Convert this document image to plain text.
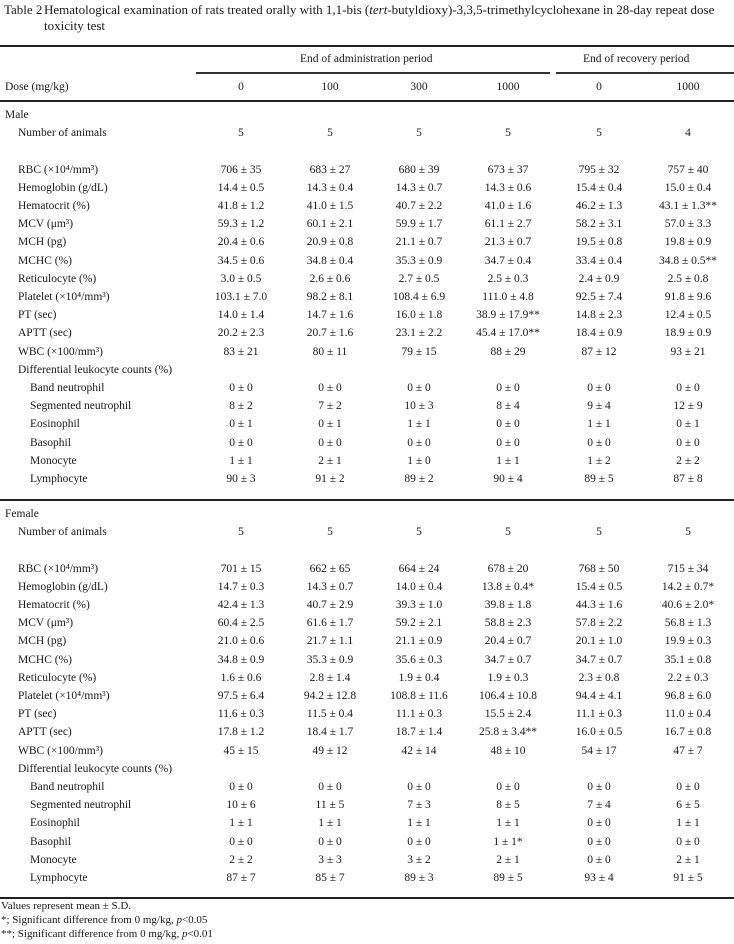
Table 2 Hematological examination of rats treated orally with 1,1-bis (tert-butyldioxy)-3,3,5-trimethylcyclohexane in 28-day repeat dose toxicity test
End of administration period	End of recovery period
Dose (mg/kg)	0	100	300	1000	0	1000
Male
Number of animals	5	5	5	5	5	4
RBC (×10⁴/mm³)	706 ± 35	683 ± 27	680 ± 39	673 ± 37	795 ± 32	757 ± 40
Hemoglobin (g/dL)	14.4 ± 0.5	14.3 ± 0.4	14.3 ± 0.7	14.3 ± 0.6	15.4 ± 0.4	15.0 ± 0.4
Hematocrit (%)	41.8 ± 1.2	41.0 ± 1.5	40.7 ± 2.2	41.0 ± 1.6	46.2 ± 1.3	43.1 ± 1.3**
MCV (μm³)	59.3 ± 1.2	60.1 ± 2.1	59.9 ± 1.7	61.1 ± 2.7	58.2 ± 3.1	57.0 ± 3.3
MCH (pg)	20.4 ± 0.6	20.9 ± 0.8	21.1 ± 0.7	21.3 ± 0.7	19.5 ± 0.8	19.8 ± 0.9
MCHC (%)	34.5 ± 0.6	34.8 ± 0.4	35.3 ± 0.9	34.7 ± 0.4	33.4 ± 0.4	34.8 ± 0.5**
Reticulocyte (%)	3.0 ± 0.5	2.6 ± 0.6	2.7 ± 0.5	2.5 ± 0.3	2.4 ± 0.9	2.5 ± 0.8
Platelet (×10⁴/mm³)	103.1 ± 7.0	98.2 ± 8.1	108.4 ± 6.9	111.0 ± 4.8	92.5 ± 7.4	91.8 ± 9.6
PT (sec)	14.0 ± 1.4	14.7 ± 1.6	16.0 ± 1.8	38.9 ± 17.9**	14.8 ± 2.3	12.4 ± 0.5
APTT (sec)	20.2 ± 2.3	20.7 ± 1.6	23.1 ± 2.2	45.4 ± 17.0**	18.4 ± 0.9	18.9 ± 0.9
WBC (×100/mm³)	83 ± 21	80 ± 11	79 ± 15	88 ± 29	87 ± 12	93 ± 21
Differential leukocyte counts (%)
Band neutrophil	0 ± 0	0 ± 0	0 ± 0	0 ± 0	0 ± 0	0 ± 0
Segmented neutrophil	8 ± 2	7 ± 2	10 ± 3	8 ± 4	9 ± 4	12 ± 9
Eosinophil	0 ± 1	0 ± 1	1 ± 1	0 ± 0	1 ± 1	0 ± 1
Basophil	0 ± 0	0 ± 0	0 ± 0	0 ± 0	0 ± 0	0 ± 0
Monocyte	1 ± 1	2 ± 1	1 ± 0	1 ± 1	1 ± 2	2 ± 2
Lymphocyte	90 ± 3	91 ± 2	89 ± 2	90 ± 4	89 ± 5	87 ± 8
Female
Number of animals	5	5	5	5	5	5
RBC (×10⁴/mm³)	701 ± 15	662 ± 65	664 ± 24	678 ± 20	768 ± 50	715 ± 34
Hemoglobin (g/dL)	14.7 ± 0.3	14.3 ± 0.7	14.0 ± 0.4	13.8 ± 0.4*	15.4 ± 0.5	14.2 ± 0.7*
Hematocrit (%)	42.4 ± 1.3	40.7 ± 2.9	39.3 ± 1.0	39.8 ± 1.8	44.3 ± 1.6	40.6 ± 2.0*
MCV (μm³)	60.4 ± 2.5	61.6 ± 1.7	59.2 ± 2.1	58.8 ± 2.3	57.8 ± 2.2	56.8 ± 1.3
MCH (pg)	21.0 ± 0.6	21.7 ± 1.1	21.1 ± 0.9	20.4 ± 0.7	20.1 ± 1.0	19.9 ± 0.3
MCHC (%)	34.8 ± 0.9	35.3 ± 0.9	35.6 ± 0.3	34.7 ± 0.7	34.7 ± 0.7	35.1 ± 0.8
Reticulocyte (%)	1.6 ± 0.6	2.8 ± 1.4	1.9 ± 0.4	1.9 ± 0.3	2.3 ± 0.8	2.2 ± 0.3
Platelet (×10⁴/mm³)	97.5 ± 6.4	94.2 ± 12.8	108.8 ± 11.6	106.4 ± 10.8	94.4 ± 4.1	96.8 ± 6.0
PT (sec)	11.6 ± 0.3	11.5 ± 0.4	11.1 ± 0.3	15.5 ± 2.4	11.1 ± 0.3	11.0 ± 0.4
APTT (sec)	17.8 ± 1.2	18.4 ± 1.7	18.7 ± 1.4	25.8 ± 3.4**	16.0 ± 0.5	16.7 ± 0.8
WBC (×100/mm³)	45 ± 15	49 ± 12	42 ± 14	48 ± 10	54 ± 17	47 ± 7
Differential leukocyte counts (%)
Band neutrophil	0 ± 0	0 ± 0	0 ± 0	0 ± 0	0 ± 0	0 ± 0
Segmented neutrophil	10 ± 6	11 ± 5	7 ± 3	8 ± 5	7 ± 4	6 ± 5
Eosinophil	1 ± 1	1 ± 1	1 ± 1	1 ± 1	0 ± 0	1 ± 1
Basophil	0 ± 0	0 ± 0	0 ± 0	1 ± 1*	0 ± 0	0 ± 0
Monocyte	2 ± 2	3 ± 3	3 ± 2	2 ± 1	0 ± 0	2 ± 1
Lymphocyte	87 ± 7	85 ± 7	89 ± 3	89 ± 5	93 ± 4	91 ± 5
Values represent mean ± S.D.
*; Significant difference from 0 mg/kg, p<0.05
**; Significant difference from 0 mg/kg, p<0.01
